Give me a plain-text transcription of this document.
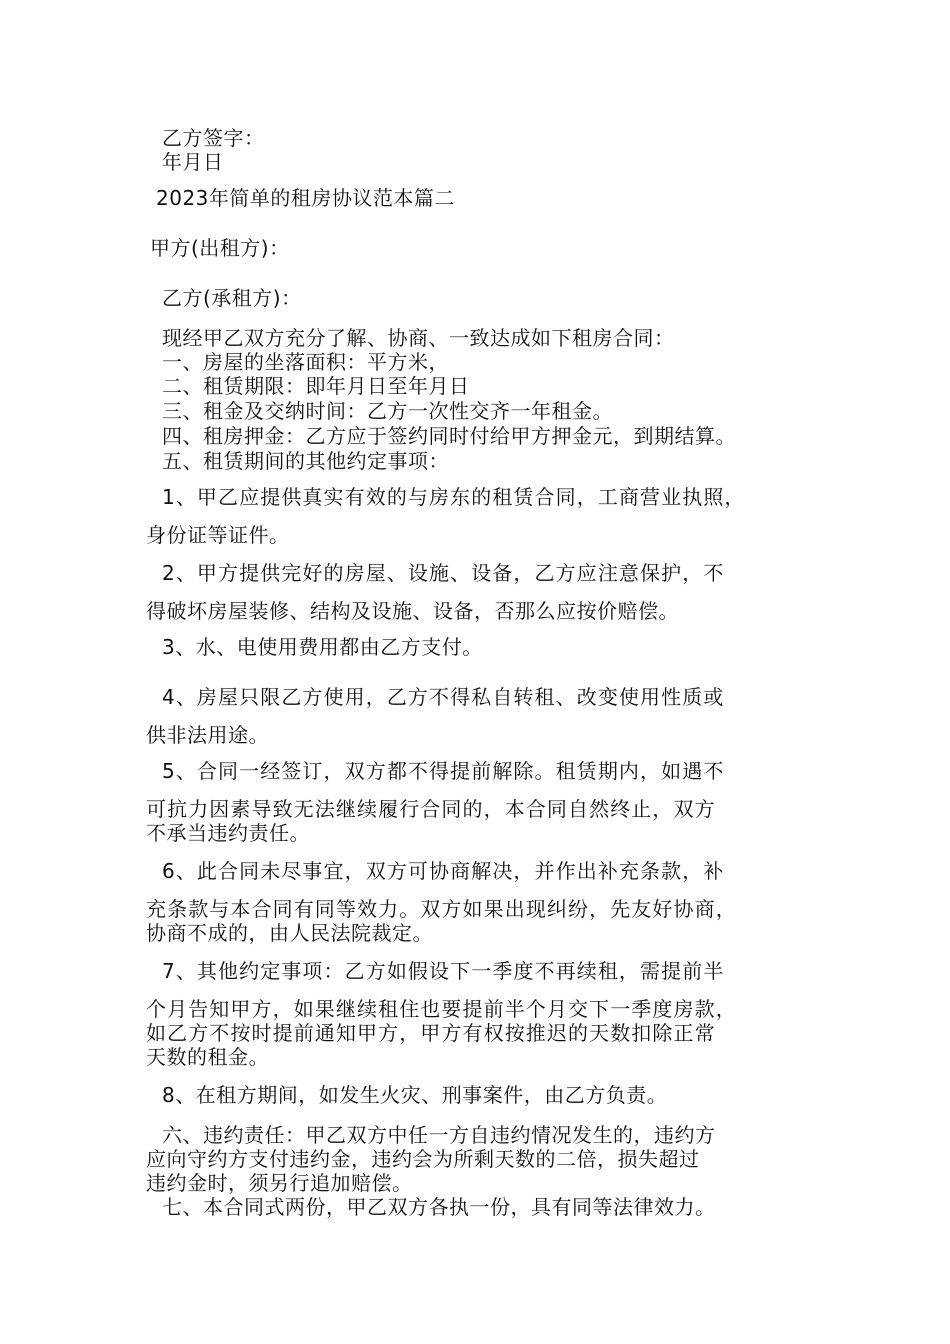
乙方签字：
年月日
2023年简单的租房协议范本篇二
甲方(出租方)：
乙方(承租方)：
现经甲乙双方充分了解、协商、一致达成如下租房合同：
一、房屋的坐落面积：平方米，
二、租赁期限：即年月日至年月日
三、租金及交纳时间：乙方一次性交齐一年租金。
四、租房押金：乙方应于签约同时付给甲方押金元，到期结算。
五、租赁期间的其他约定事项：
1、甲乙应提供真实有效的与房东的租赁合同，工商营业执照，
身份证等证件。
2、甲方提供完好的房屋、设施、设备，乙方应注意保护，不
得破坏房屋装修、结构及设施、设备，否那么应按价赔偿。
3、水、电使用费用都由乙方支付。
4、房屋只限乙方使用，乙方不得私自转租、改变使用性质或
供非法用途。
5、合同一经签订，双方都不得提前解除。租赁期内，如遇不
可抗力因素导致无法继续履行合同的，本合同自然终止，双方
不承当违约责任。
6、此合同未尽事宜，双方可协商解决，并作出补充条款，补
充条款与本合同有同等效力。双方如果出现纠纷，先友好协商，
协商不成的，由人民法院裁定。
7、其他约定事项：乙方如假设下一季度不再续租，需提前半
个月告知甲方，如果继续租住也要提前半个月交下一季度房款，
如乙方不按时提前通知甲方，甲方有权按推迟的天数扣除正常
天数的租金。
8、在租方期间，如发生火灾、刑事案件，由乙方负责。
六、违约责任：甲乙双方中任一方自违约情况发生的，违约方
应向守约方支付违约金，违约会为所剩天数的二倍，损失超过
违约金时，须另行追加赔偿。
七、本合同式两份，甲乙双方各执一份，具有同等法律效力。
